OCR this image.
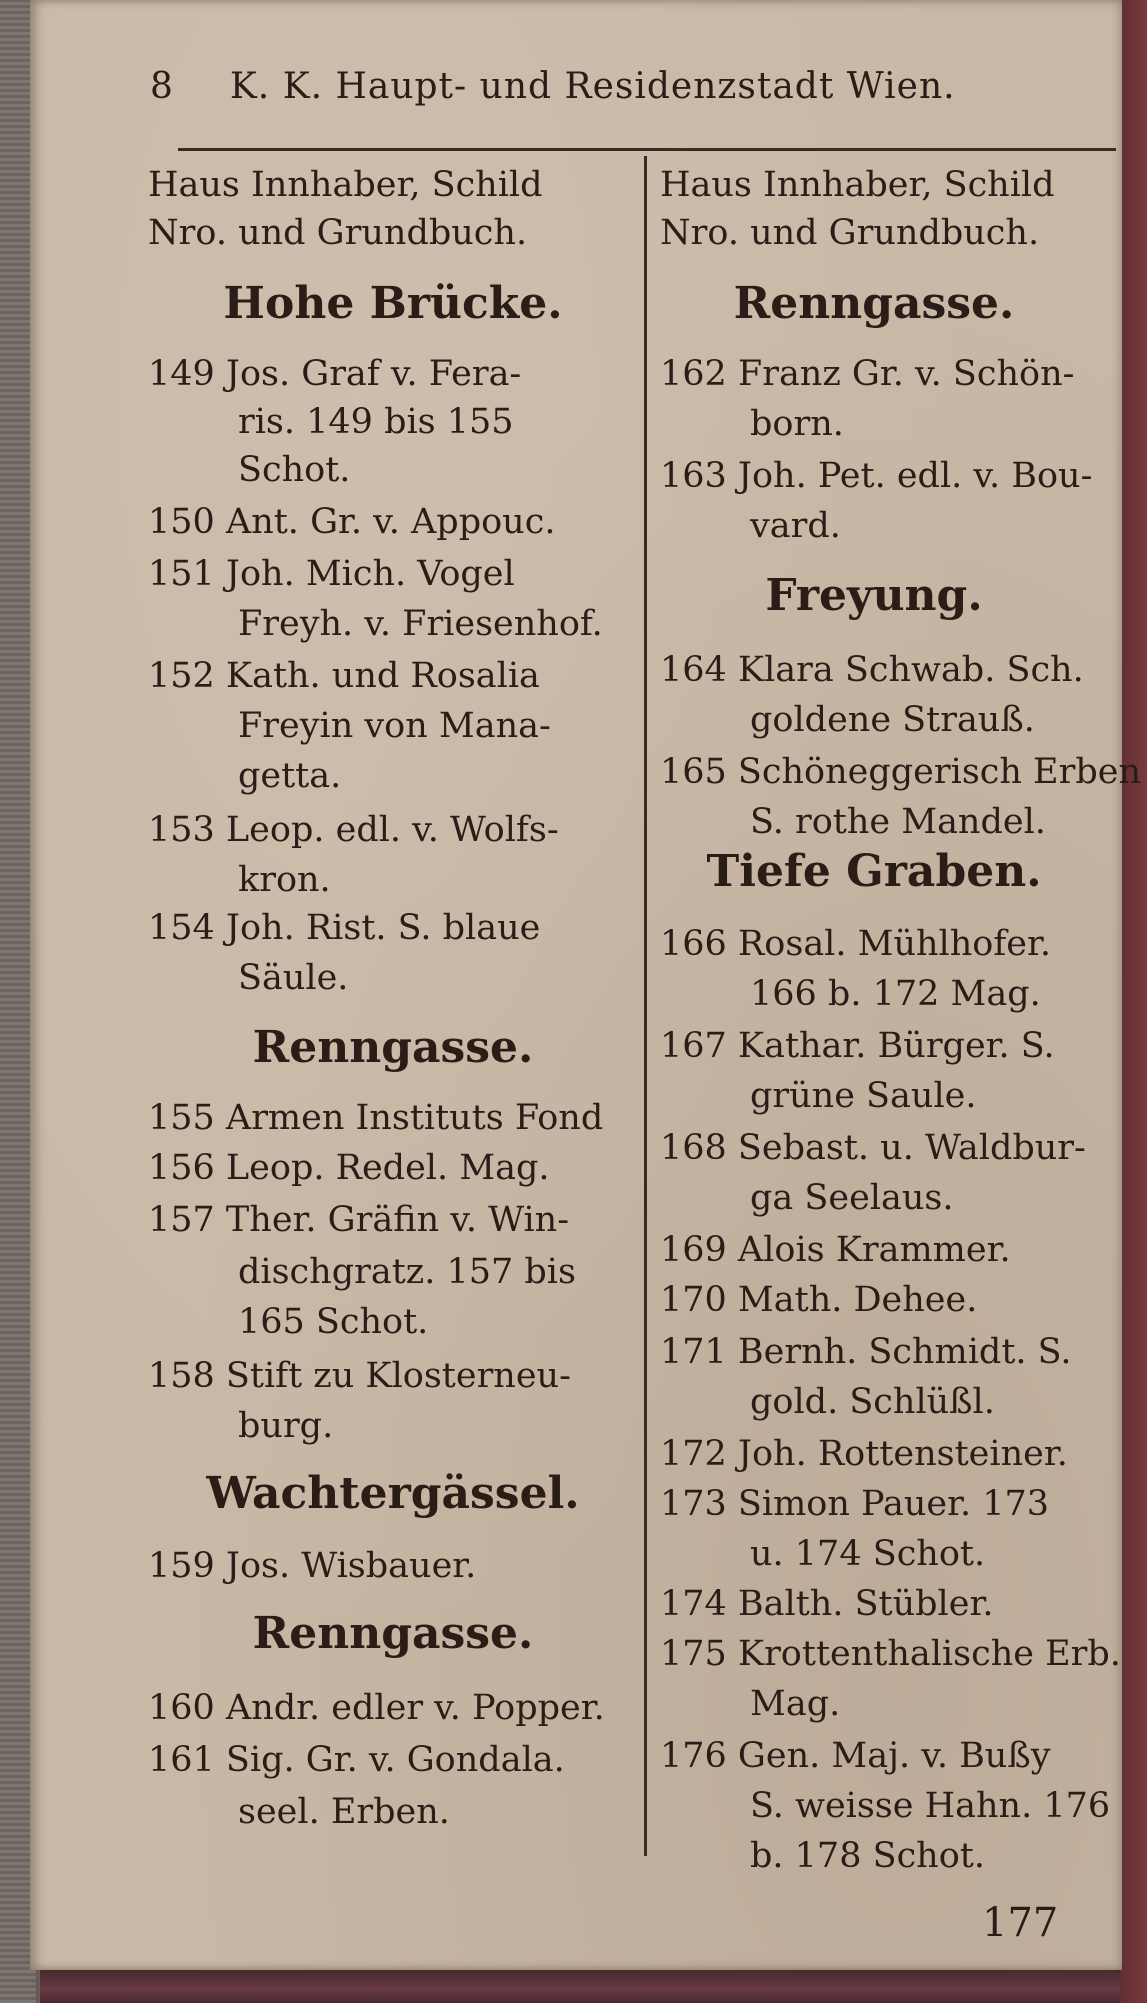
8 K. K. Haupt- und Residenzstadt Wien.
Haus Innhaber, Schild
Nro. und Grundbuch.
Haus Innhaber, Schild
Nro. und Grundbuch.
Hohe Brücke.
149 Jos. Graf v. Fera-
ris. 149 bis 155
Schot.
150 Ant. Gr. v. Appouc.
151 Joh. Mich. Vogel
Freyh. v. Friesenhof.
152 Kath. und Rosalia
Freyin von Mana-
getta.
153 Leop. edl. v. Wolfs-
kron.
154 Joh. Rist. S. blaue
Säule.
Renngasse.
155 Armen Instituts Fond
156 Leop. Redel. Mag.
157 Ther. Gräfin v. Win-
dischgratz. 157 bis
165 Schot.
158 Stift zu Klosterneu-
burg.
Wachtergässel.
159 Jos. Wisbauer.
Renngasse.
160 Andr. edler v. Popper.
161 Sig. Gr. v. Gondala.
seel. Erben.
Renngasse.
162 Franz Gr. v. Schön-
born.
163 Joh. Pet. edl. v. Bou-
vard.
Freyung.
164 Klara Schwab. Sch.
goldene Strauß.
165 Schöneggerisch Erben
S. rothe Mandel.
Tiefe Graben.
166 Rosal. Mühlhofer.
166 b. 172 Mag.
167 Kathar. Bürger. S.
grüne Saule.
168 Sebast. u. Waldbur-
ga Seelaus.
169 Alois Krammer.
170 Math. Dehee.
171 Bernh. Schmidt. S.
gold. Schlüßl.
172 Joh. Rottensteiner.
173 Simon Pauer. 173
u. 174 Schot.
174 Balth. Stübler.
175 Krottenthalische Erb.
Mag.
176 Gen. Maj. v. Bußy
S. weisse Hahn. 176
b. 178 Schot.
177
